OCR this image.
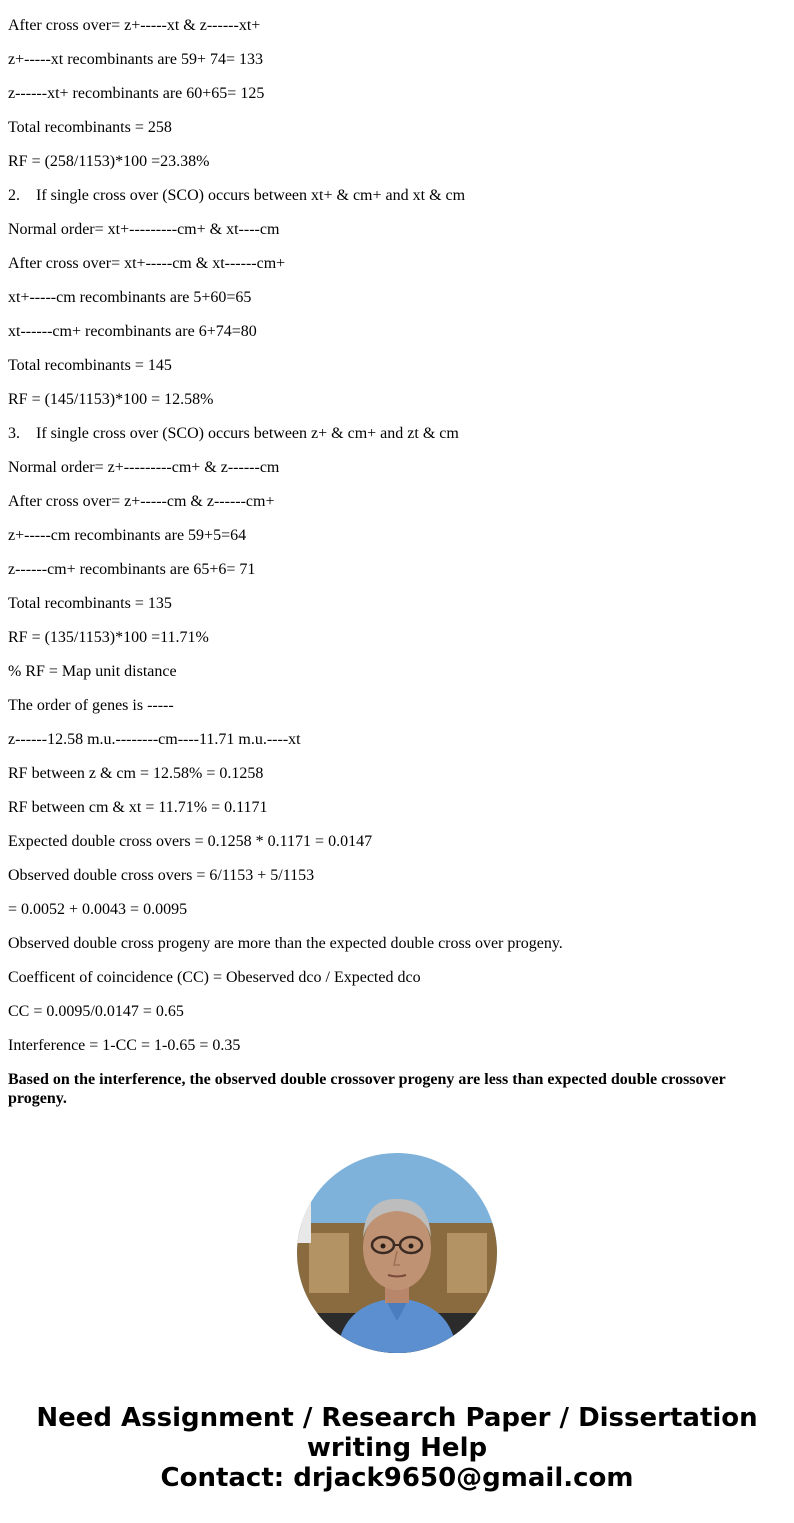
After cross over= z+-----xt & z------xt+

z+-----xt recombinants are 59+ 74= 133

z------xt+ recombinants are 60+65= 125

Total recombinants = 258

RF = (258/1153)*100 =23.38%

2.    If single cross over (SCO) occurs between xt+ & cm+ and xt & cm

Normal order= xt+---------cm+ & xt----cm

After cross over= xt+-----cm & xt------cm+

xt+-----cm recombinants are 5+60=65

xt------cm+ recombinants are 6+74=80

Total recombinants = 145

RF = (145/1153)*100 = 12.58%

3.    If single cross over (SCO) occurs between z+ & cm+ and zt & cm

Normal order= z+---------cm+ & z------cm

After cross over= z+-----cm & z------cm+

z+-----cm recombinants are 59+5=64

z------cm+ recombinants are 65+6= 71

Total recombinants = 135

RF = (135/1153)*100 =11.71%

% RF = Map unit distance

The order of genes is -----

z------12.58 m.u.--------cm----11.71 m.u.----xt

RF between z & cm = 12.58% = 0.1258

RF between cm & xt = 11.71% = 0.1171

Expected double cross overs = 0.1258 * 0.1171 = 0.0147

Observed double cross overs = 6/1153 + 5/1153

= 0.0052 + 0.0043 = 0.0095

Observed double cross progeny are more than the expected double cross over progeny.

Coefficent of coincidence (CC) = Obeserved dco / Expected dco

CC = 0.0095/0.0147 = 0.65

Interference = 1-CC = 1-0.65 = 0.35

Based on the interference, the observed double crossover progeny are less than expected double crossover progeny.

Need Assignment / Research Paper / Dissertation
writing Help
Contact: drjack9650@gmail.com
